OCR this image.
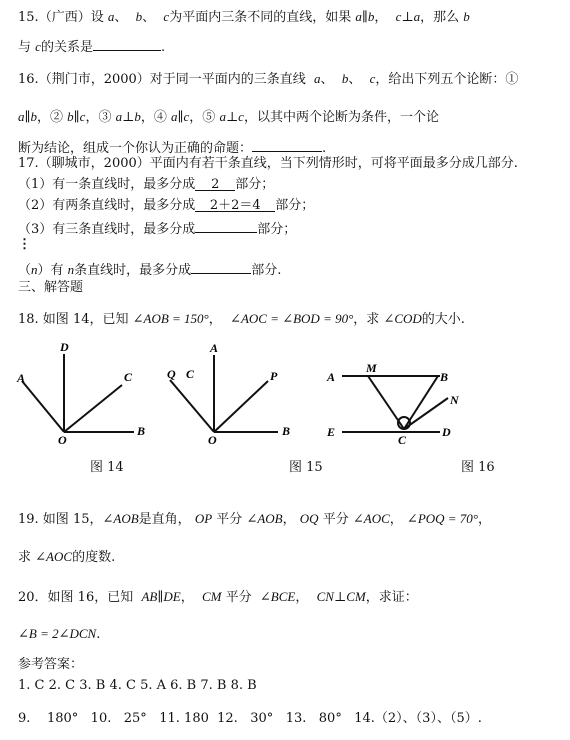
15.（广西）设 a、 b、 c为平面内三条不同的直线，如果 a∥b， c⊥a，那么 b
与 c的关系是	.
16.（荆门市，2000）对于同一平面内的三条直线 a、 b、 c，给出下列五个论断：①
a∥b，② b∥c，③ a⊥b，④ a∥c，⑤ a⊥c，以其中两个论断为条件，一个论
断为结论，组成一个你认为正确的命题：	.
17.（聊城市，2000）平面内有若干条直线，当下列情形时，可将平面最多分成几部分.
（1）有一条直线时，最多分成 2 部分；
（2）有两条直线时，最多分成 2＋2＝4 部分；
（3）有三条直线时，最多分成	部分；
⋮
（n）有 n条直线时，最多分成	部分.
三、解答题
18. 如图 14，已知 ∠AOB = 150°， ∠AOC = ∠BOD = 90°，求 ∠COD的大小.
D
A	C
O
B
Q
A
C	P
O
B
A
M
B
N
E
C
D
图 14	图 15	图 16
19. 如图 15，∠AOB是直角， OP 平分 ∠AOB， OQ 平分 ∠AOC， ∠POQ = 70°，
求 ∠AOC的度数.
20．如图 16，已知 AB∥DE， CM 平分 ∠BCE， CN⊥CM，求证：
∠B = 2∠DCN.
参考答案：
1. C 2. C 3. B 4. C 5. A 6. B 7. B 8. B
9. 180° 10. 25° 11. 180 12. 30° 13. 80° 14.（2）、（3）、（5）.
